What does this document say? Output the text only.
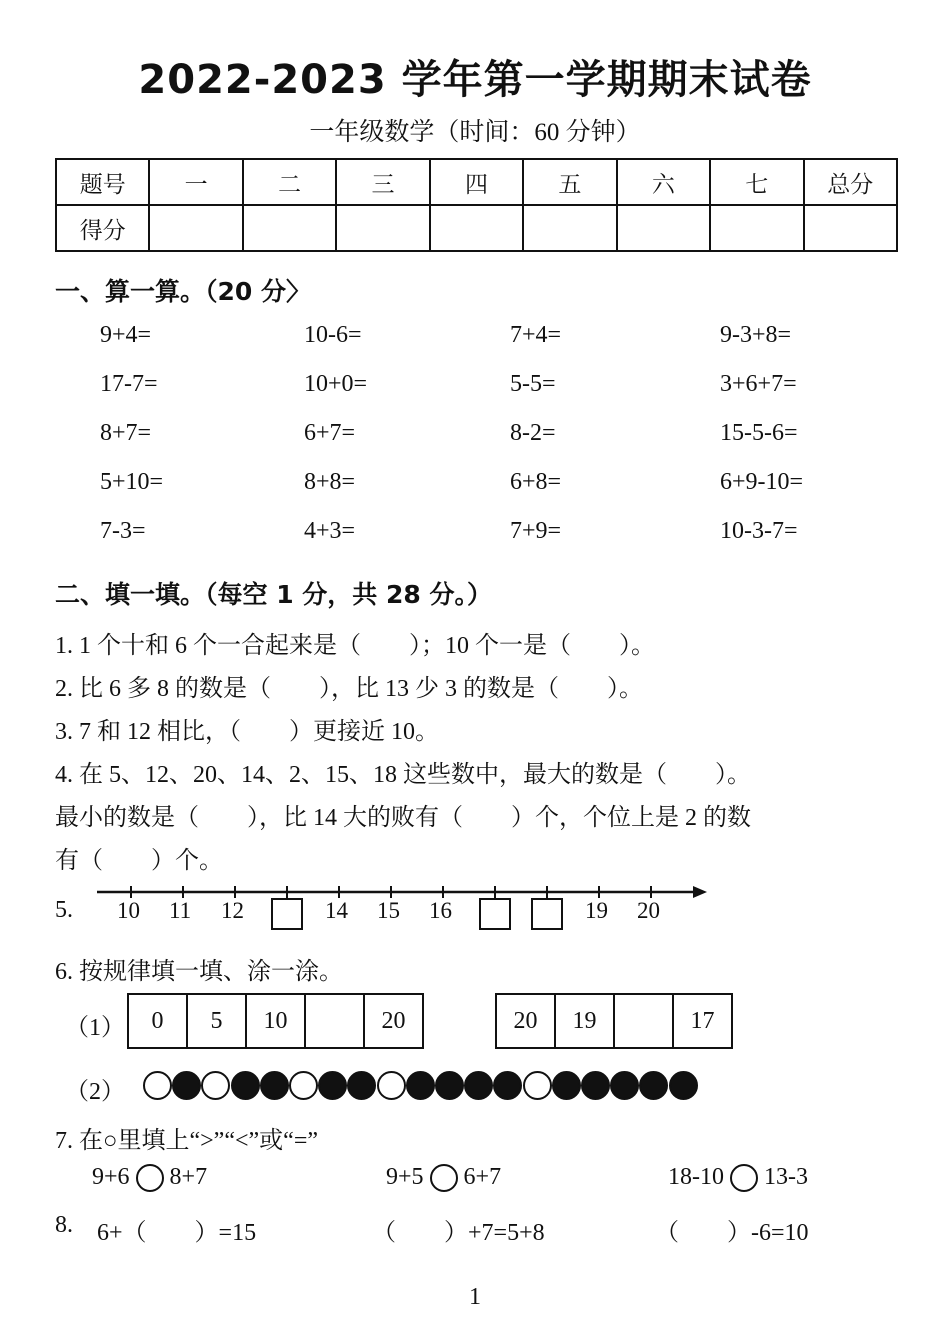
2022-2023 学年第一学期期末试卷
一年级数学（时间：60 分钟）
题号	一	二	三	四	五	六	七	总分
得分								
一、算一算。（20 分〉
9+4=	10-6=	7+4=	9-3+8=
17-7=	10+0=	5-5=	3+6+7=
8+7=	6+7=	8-2=	15-5-6=
5+10=	8+8=	6+8=	6+9-10=
7-3=	4+3=	7+9=	10-3-7=
二、填一填。（每空 1 分，共 28 分。）
1. 1 个十和 6 个一合起来是（　　）；10 个一是（　　）。
2. 比 6 多 8 的数是（　　），比 13 少 3 的数是（　　）。
3. 7 和 12 相比，（　　）更接近 10。
4. 在 5、12、20、14、2、15、18 这些数中，最大的数是（　　）。
最小的数是（　　），比 14 大的败有（　　）个，个位上是 2 的数
有（　　）个。
5. 10 11 12	14 15 16	19 20
6. 按规律填一填、涂一涂。
（1） 0	5	10		20	20	19		17
（2）
7. 在○里填上“>”“<”或“=”
9+6 8+7	9+5 6+7	18-10 13-3
8. 6+（　　）=15	（　　）+7=5+8	（　　）-6=10
1
